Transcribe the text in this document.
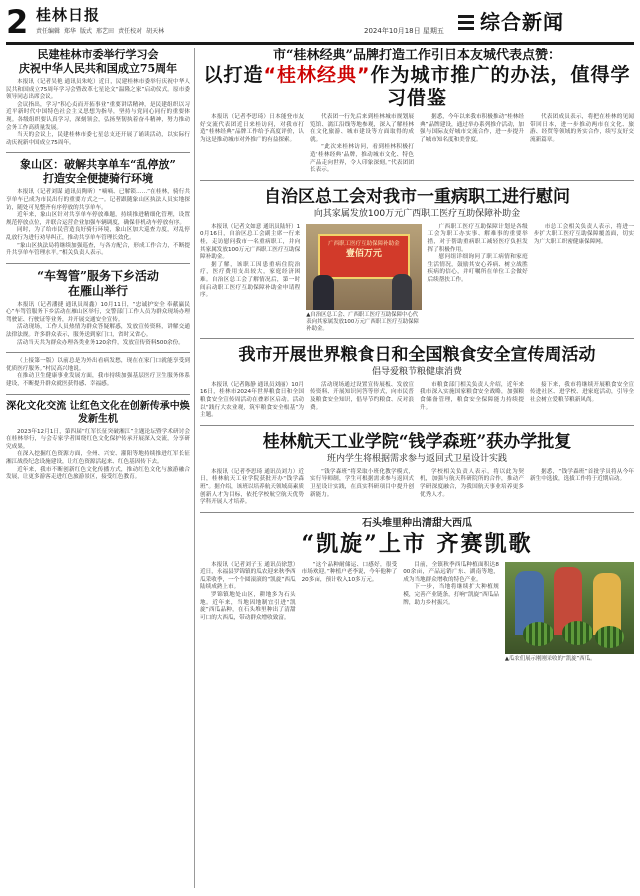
2 桂林日报
责任编辑 郑华 版式 邢艺田 责任校对 胡天林	2024年10月18日 星期五 综合新闻
民建桂林市委举行学习会
庆祝中华人民共和国成立75周年

本报讯（记者吴艳 通讯员朱屹）近日，民建桂林市委举行庆祝中华人民共和国成立75周年学习会暨改革七星论文“温隆之家”启动仪式。原市委领导同志出席会议。

会议指出，学习“积心贞而开拓事业”重要讲话精神，是民建组织以习近平新时代中国特色社会主义思想为指导，坚持与党同心同行的重要体现。各级组织要认真学习，深刻领会，弘扬坚韧执着奋斗精神，努力推动会务工作高质量发展。

当天的会议上，民建桂林市委七星总支还开展了诵读活动，以实际行动庆祝新中国成立75周年。

象山区：破解共享单车“乱停放”
打造安全便捷骑行环境

本报讯（记者刘谋 通讯员陶昕）“嘀嘀、已解锁……”在桂林，骑行共享单车已成为市民出行的重要方式之一。记者跟随象山区执法人员实地探访，随处可见整齐有序停放的共享单车。

近年来，象山区针对共享单车停放难题，持续推进精细化管理，设置规范停放点位，并联合运营企业加强车辆调度，确保非机动车停放有序。

同时，为了给市民营造良好骑行环境，象山区加大巡查力度，对乱停乱放行为进行劝导纠正，推动共享单车管理长效化。

“象山区执法局将继续加强巡查，与各方配合，形成工作合力，不断提升共享单车管理水平。”相关负责人表示。

“车驾管”服务下乡活动
在雁山举行

本报讯（记者潘捷 通讯员周鑫）10月11日，“忠诚护安全 奉献赢民心”车驾管服务下乡活动在雁山区举行，交警部门工作人员为群众现场办理驾驶证、行驶证等业务，并开展交通安全宣传。

活动现场，工作人员热情为群众答疑解惑，发放宣传资料，讲解交通法律法规。许多群众表示，服务送到家门口，省时又省心。

活动当天共为群众办理各类业务120余件，发放宣传资料500余份。

（上接第一版）以前总是为外出看病发愁，现在在家门口就能享受到优质医疗服务。”村民高兴地说。

在推动卫生健康事业发展方面，我市持续加强基层医疗卫生服务体系建设，不断提升群众就医获得感、幸福感。

深化文化交流 让红色文化在创新传承中焕发新生机

2023年12月1日，第四届“红军长征突破湘江”主题论坛暨学术研讨会在桂林举行，与会专家学者围绕红色文化保护传承开展深入交流，分享研究成果。

在深入挖掘红色资源方面，全州、兴安、灌阳等地持续推进红军长征湘江战役纪念设施建设，让红色资源活起来、红色基因传下去。

近年来，我市不断创新红色文化传播方式，推动红色文化与旅游融合发展，让更多游客走进红色旅游景区，接受红色教育。

市“桂林经典”品牌打造工作引日本友城代表点赞：
以打造“桂林经典”作为城市推广的办法，值得学习借鉴

本报讯（记者李思琦）日本能登市友好交流代表团近日来桂访问，对我市打造“桂林经典”品牌工作给予高度评价，认为这是推动城市对外推广的有益探索。

代表团一行先后来到桂林城市规划展览馆、漓江沿线等地参观，深入了解桂林在文化旅游、城市建设等方面取得的成就。

“此次来桂林访问，看到桂林积极打造‘桂林经典’品牌，推动城市文化、特色产品走向世界，令人印象深刻。”代表团团长表示。

据悉，今年以来我市积极推动“桂林经典”品牌建设，通过举办系列推介活动，加强与国际友好城市交流合作，进一步提升了城市知名度和美誉度。

代表团成员表示，将把在桂林的见闻带回日本，进一步推动两市在文化、旅游、经贸等领域的务实合作，续写友好交流新篇章。

自治区总工会对我市一重病职工进行慰问
向其家属发放100万元广西职工医疗互助保障补助金

本报讯（记者文如意 通讯员陆轩）10月16日，自治区总工会副主席一行来桂，走访慰问我市一名重病职工，并向其家属发放100万元广西职工医疗互助保障补助金。

据了解，该职工因患重病住院治疗，医疗费用支出较大，家庭经济困难。自治区总工会了解情况后，第一时间启动职工医疗互助保障补助金申请程序。

广西职工医疗互助保障补助金
壹佰万元
▲自治区总工会、广西职工医疗互助保障中心代表向其家属发放100万元广西职工医疗互助保障补助金。

广西职工医疗互助保障计划是各级工会为职工办实事、解难事的重要举措，对于帮助重病职工减轻医疗负担发挥了积极作用。

慰问组详细询问了职工病情和家庭生活情况，鼓励其安心养病、树立战胜疾病的信心，并叮嘱所在单位工会做好后续帮扶工作。

市总工会相关负责人表示，将进一步扩大职工医疗互助保障覆盖面，切实为广大职工织密健康保障网。

我市开展世界粮食日和全国粮食安全宣传周活动
倡导爱粮节粮健康消费

本报讯（记者陈静 通讯员刘丽）10月16日，桂林市2024年世界粮食日和全国粮食安全宣传周活动在叠彩区启动。活动以“践行大农业观，筑牢粮食安全根基”为主题。

活动现场通过设置宣传展板、发放宣传资料、开展知识问答等形式，向市民普及粮食安全知识，倡导节约粮食、反对浪费。

市粮食部门相关负责人介绍，近年来我市深入实施国家粮食安全战略，加强粮食储备管理，粮食安全保障能力持续提升。

接下来，我市将继续开展粮食安全宣传进社区、进学校、进家庭活动，引导全社会树立爱粮节粮新风尚。

桂林航天工业学院“钱学森班”获办学批复
班内学生将根据需求参与返回式卫星设计实践

本报讯（记者李思琦 通讯员刘力）近日，桂林航天工业学院获批开办“钱学森班”。据介绍，该班以培养航天领域高素质创新人才为目标，依托学校航空航天优势学科开展人才培养。

“钱学森班”将采取小班化教学模式，实行导师制，学生可根据需求参与返回式卫星设计实践，在真实科研项目中提升创新能力。

学校相关负责人表示，将以此为契机，加强与航天科研院所的合作，推动产学研深度融合，为我国航天事业培养更多优秀人才。

据悉，“钱学森班”首批学员将从今年新生中选拔，选拔工作将于近期启动。

石头堆里种出清甜大西瓜
“凯旋”上市 齐赛凯歌

本报讯（记者刘子玉 通讯员徐慧）近日，永福县罗锦镇的瓜农迎来秋季西瓜采收季，一个个圆滚滚的“凯旋”西瓜陆续成熟上市。

罗锦镇地处山区，耕地多为石头地。近年来，当地因地制宜引进“凯旋”西瓜品种，在石头堆里种出了清甜可口的大西瓜，带动群众增收致富。

“这个品种耐储运、口感好，很受市场欢迎。”种植户老李说，今年他种了20多亩，预计收入10多万元。

目前，全镇秋季西瓜种植面积达800余亩，产品远销广东、湖南等地，成为当地群众增收的特色产业。

下一步，当地将继续扩大种植规模，完善产业链条，打响“凯旋”西瓜品牌，助力乡村振兴。

▲瓜农们展示刚刚采收的“凯旋”西瓜。
